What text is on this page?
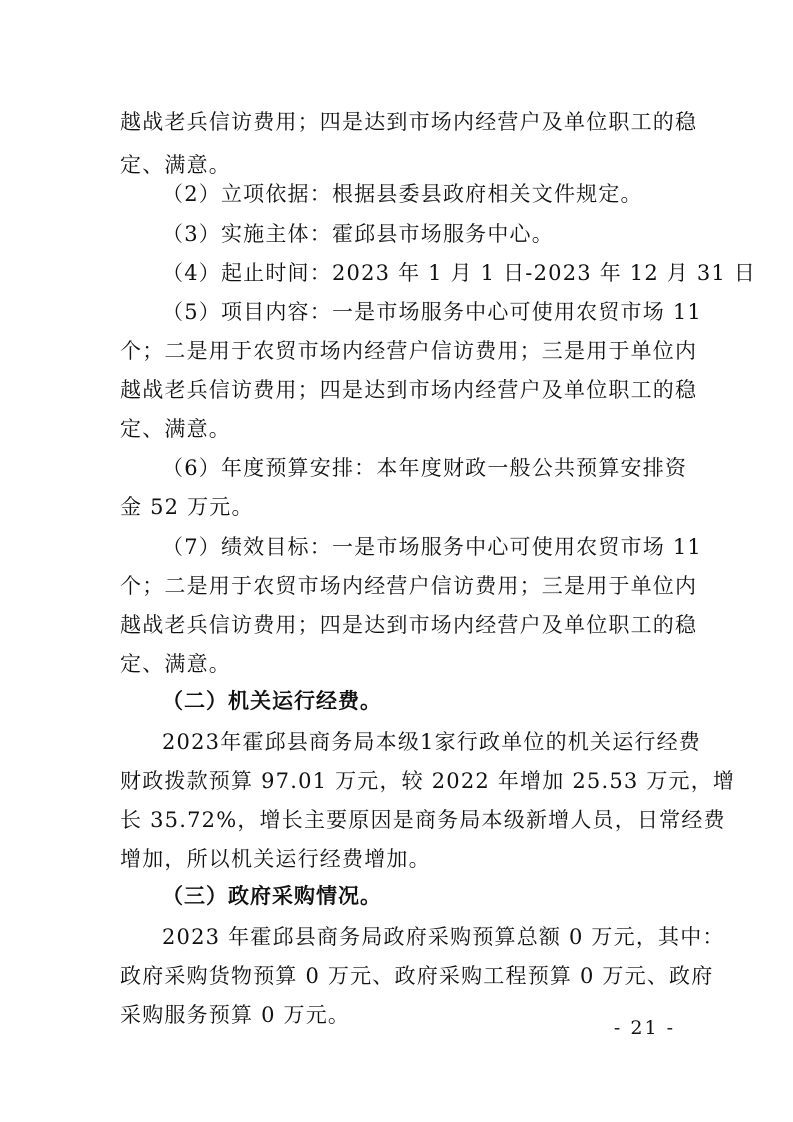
越战老兵信访费用；四是达到市场内经营户及单位职工的稳
定、满意。
（2）立项依据：根据县委县政府相关文件规定。
（3）实施主体：霍邱县市场服务中心。
（4）起止时间：2023 年 1 月 1 日-2023 年 12 月 31 日
（5）项目内容：一是市场服务中心可使用农贸市场 11
个；二是用于农贸市场内经营户信访费用；三是用于单位内
越战老兵信访费用；四是达到市场内经营户及单位职工的稳
定、满意。
（6）年度预算安排：本年度财政一般公共预算安排资
金 52 万元。
（7）绩效目标：一是市场服务中心可使用农贸市场 11
个；二是用于农贸市场内经营户信访费用；三是用于单位内
越战老兵信访费用；四是达到市场内经营户及单位职工的稳
定、满意。
（二）机关运行经费。
2023年霍邱县商务局本级1家行政单位的机关运行经费
财政拨款预算 97.01 万元，较 2022 年增加 25.53 万元，增
长 35.72%，增长主要原因是商务局本级新增人员，日常经费
增加，所以机关运行经费增加。
（三）政府采购情况。
2023 年霍邱县商务局政府采购预算总额 0 万元，其中：
政府采购货物预算 0 万元、政府采购工程预算 0 万元、政府
采购服务预算 0 万元。
- 21 -
